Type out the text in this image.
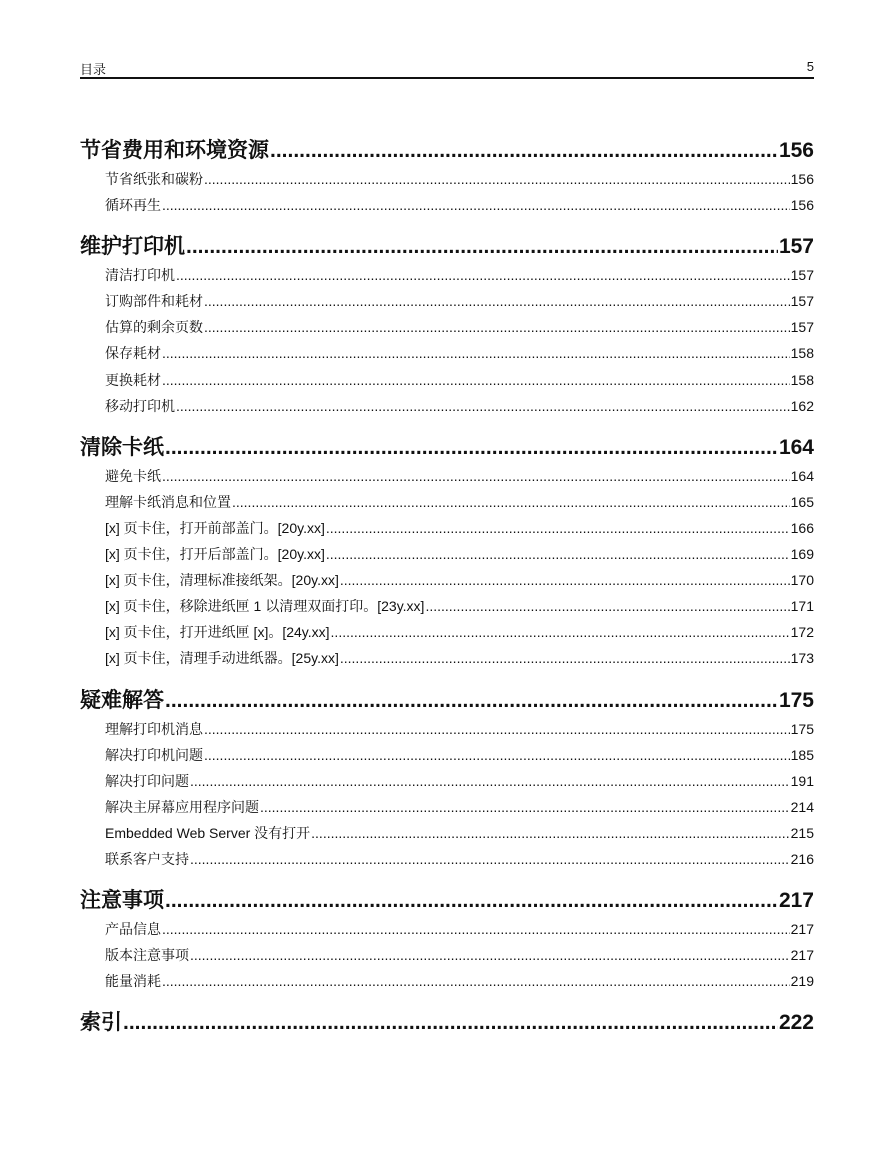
目录	5
节省费用和环境资源 .....	156
节省纸张和碳粉 .....	156
循环再生 .....	156
维护打印机 .....	157
清洁打印机 .....	157
订购部件和耗材 .....	157
估算的剩余页数 .....	157
保存耗材 .....	158
更换耗材 .....	158
移动打印机 .....	162
清除卡纸 .....	164
避免卡纸 .....	164
理解卡纸消息和位置 .....	165
[x] 页卡住，打开前部盖门。[20y.xx] .....	166
[x] 页卡住，打开后部盖门。[20y.xx] .....	169
[x] 页卡住，清理标准接纸架。[20y.xx] .....	170
[x] 页卡住，移除进纸匣 1 以清理双面打印。[23y.xx] .....	171
[x] 页卡住，打开进纸匣 [x]。[24y.xx] .....	172
[x] 页卡住，清理手动进纸器。[25y.xx] .....	173
疑难解答 .....	175
理解打印机消息 .....	175
解决打印机问题 .....	185
解决打印问题 .....	191
解决主屏幕应用程序问题 .....	214
Embedded Web Server 没有打开 .....	215
联系客户支持 .....	216
注意事项 .....	217
产品信息 .....	217
版本注意事项 .....	217
能量消耗 .....	219
索引 .....	222
